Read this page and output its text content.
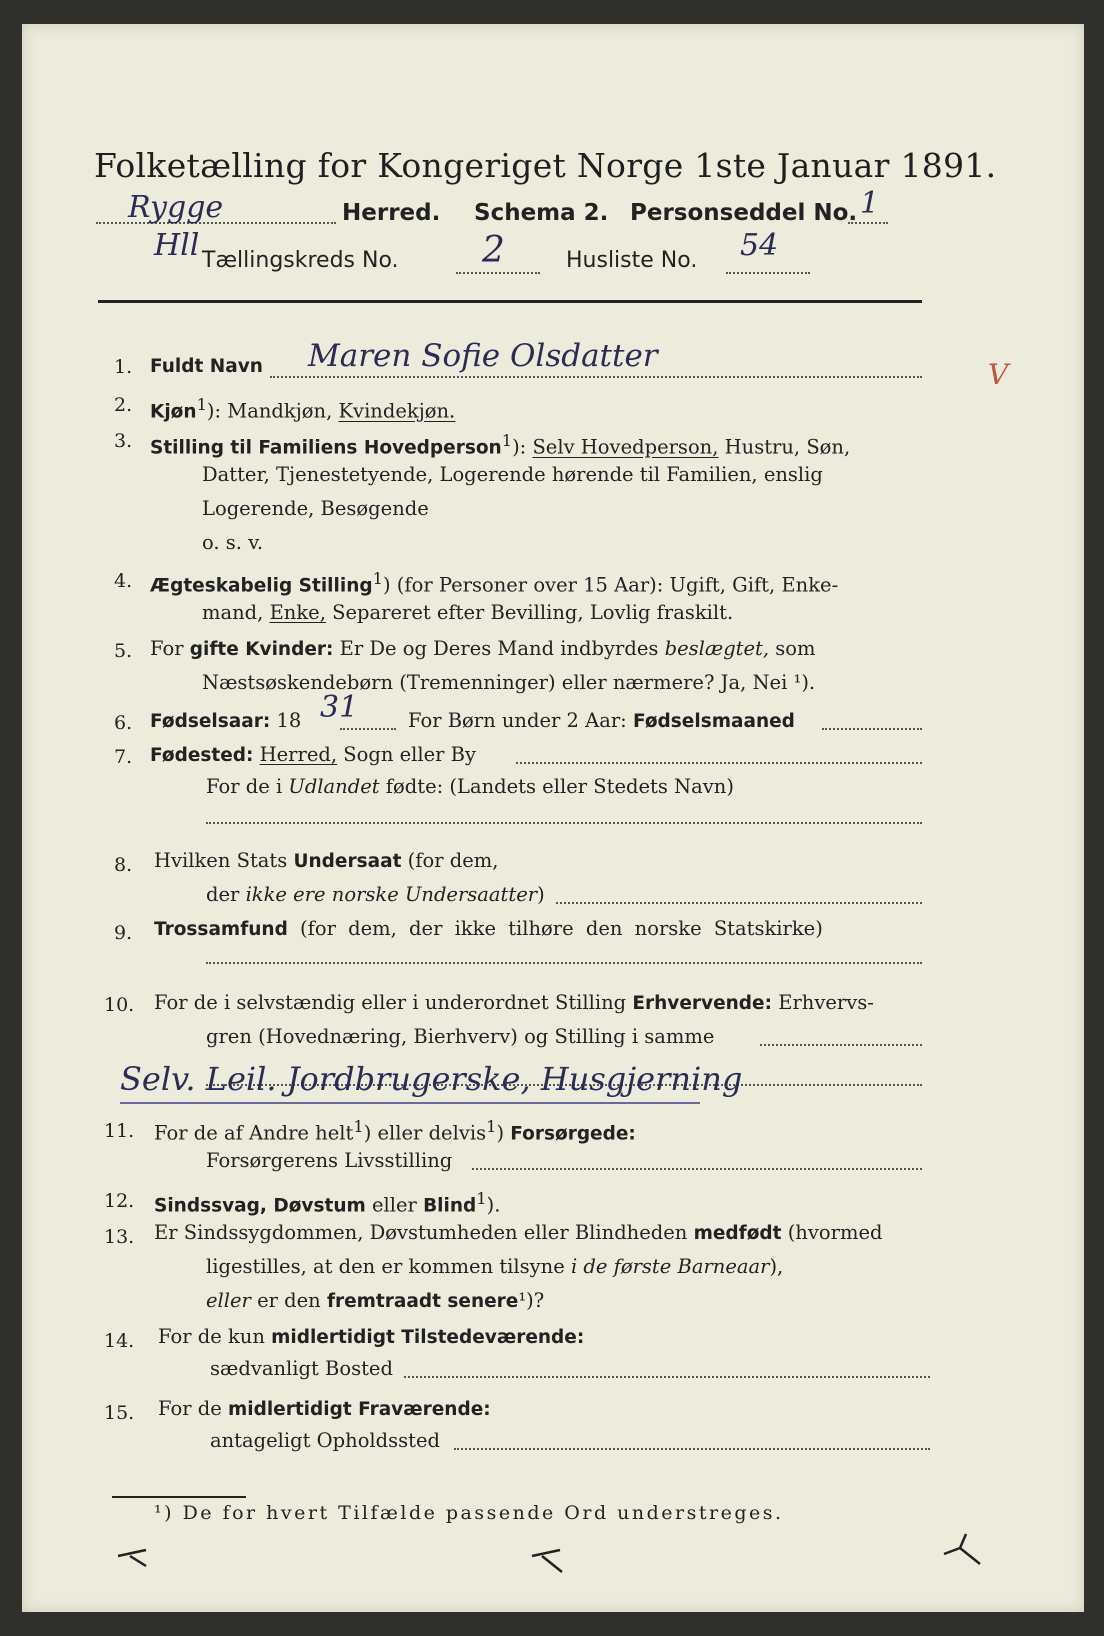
Folketælling for Kongeriget Norge 1ste Januar 1891.
Rygge	Herred. Schema 2. Personseddel No. 1
Hll Tællingskreds No. 2	Husliste No. 54
1. Fuldt Navn Maren Sofie Olsdatter
V
2. Kjøn$^1$): Mandkjøn, Kvindekjøn.
3. Stilling til Familiens Hovedperson$^1$): Selv Hovedperson, Hustru, Søn,
Datter, Tjenestetyende, Logerende hørende til Familien, enslig
Logerende, Besøgende
o. s. v.
4. Ægteskabelig Stilling$^1$) (for Personer over 15 Aar): Ugift, Gift, Enke-
mand, Enke, Separeret efter Bevilling, Lovlig fraskilt.
5. For gifte Kvinder: Er De og Deres Mand indbyrdes beslægtet, som
Næstsøskendebørn (Tremenninger) eller nærmere? Ja, Nei ¹).
6. Fødselsaar: 18 31	For Børn under 2 Aar: Fødselsmaaned
7. Fødested: Herred, Sogn eller By
For de i Udlandet fødte: (Landets eller Stedets Navn)
8. Hvilken Stats Undersaat (for dem,
der ikke ere norske Undersaatter)
9. Trossamfund (for dem, der ikke tilhøre den norske Statskirke)
10. For de i selvstændig eller i underordnet Stilling Erhvervende: Erhvervs-
gren (Hovednæring, Bierhverv) og Stilling i samme
Selv. Leil. Jordbrugerske, Husgjerning
11. For de af Andre helt$^1$) eller delvis$^1$) Forsørgede:
Forsørgerens Livsstilling
12. Sindssvag, Døvstum eller Blind$^1$).
13. Er Sindssygdommen, Døvstumheden eller Blindheden medfødt (hvormed
ligestilles, at den er kommen tilsyne i de første Barneaar),
eller er den fremtraadt senere¹)?
14. For de kun midlertidigt Tilstedeværende:
sædvanligt Bosted
15. For de midlertidigt Fraværende:
antageligt Opholdssted
¹) De for hvert Tilfælde passende Ord understreges.
